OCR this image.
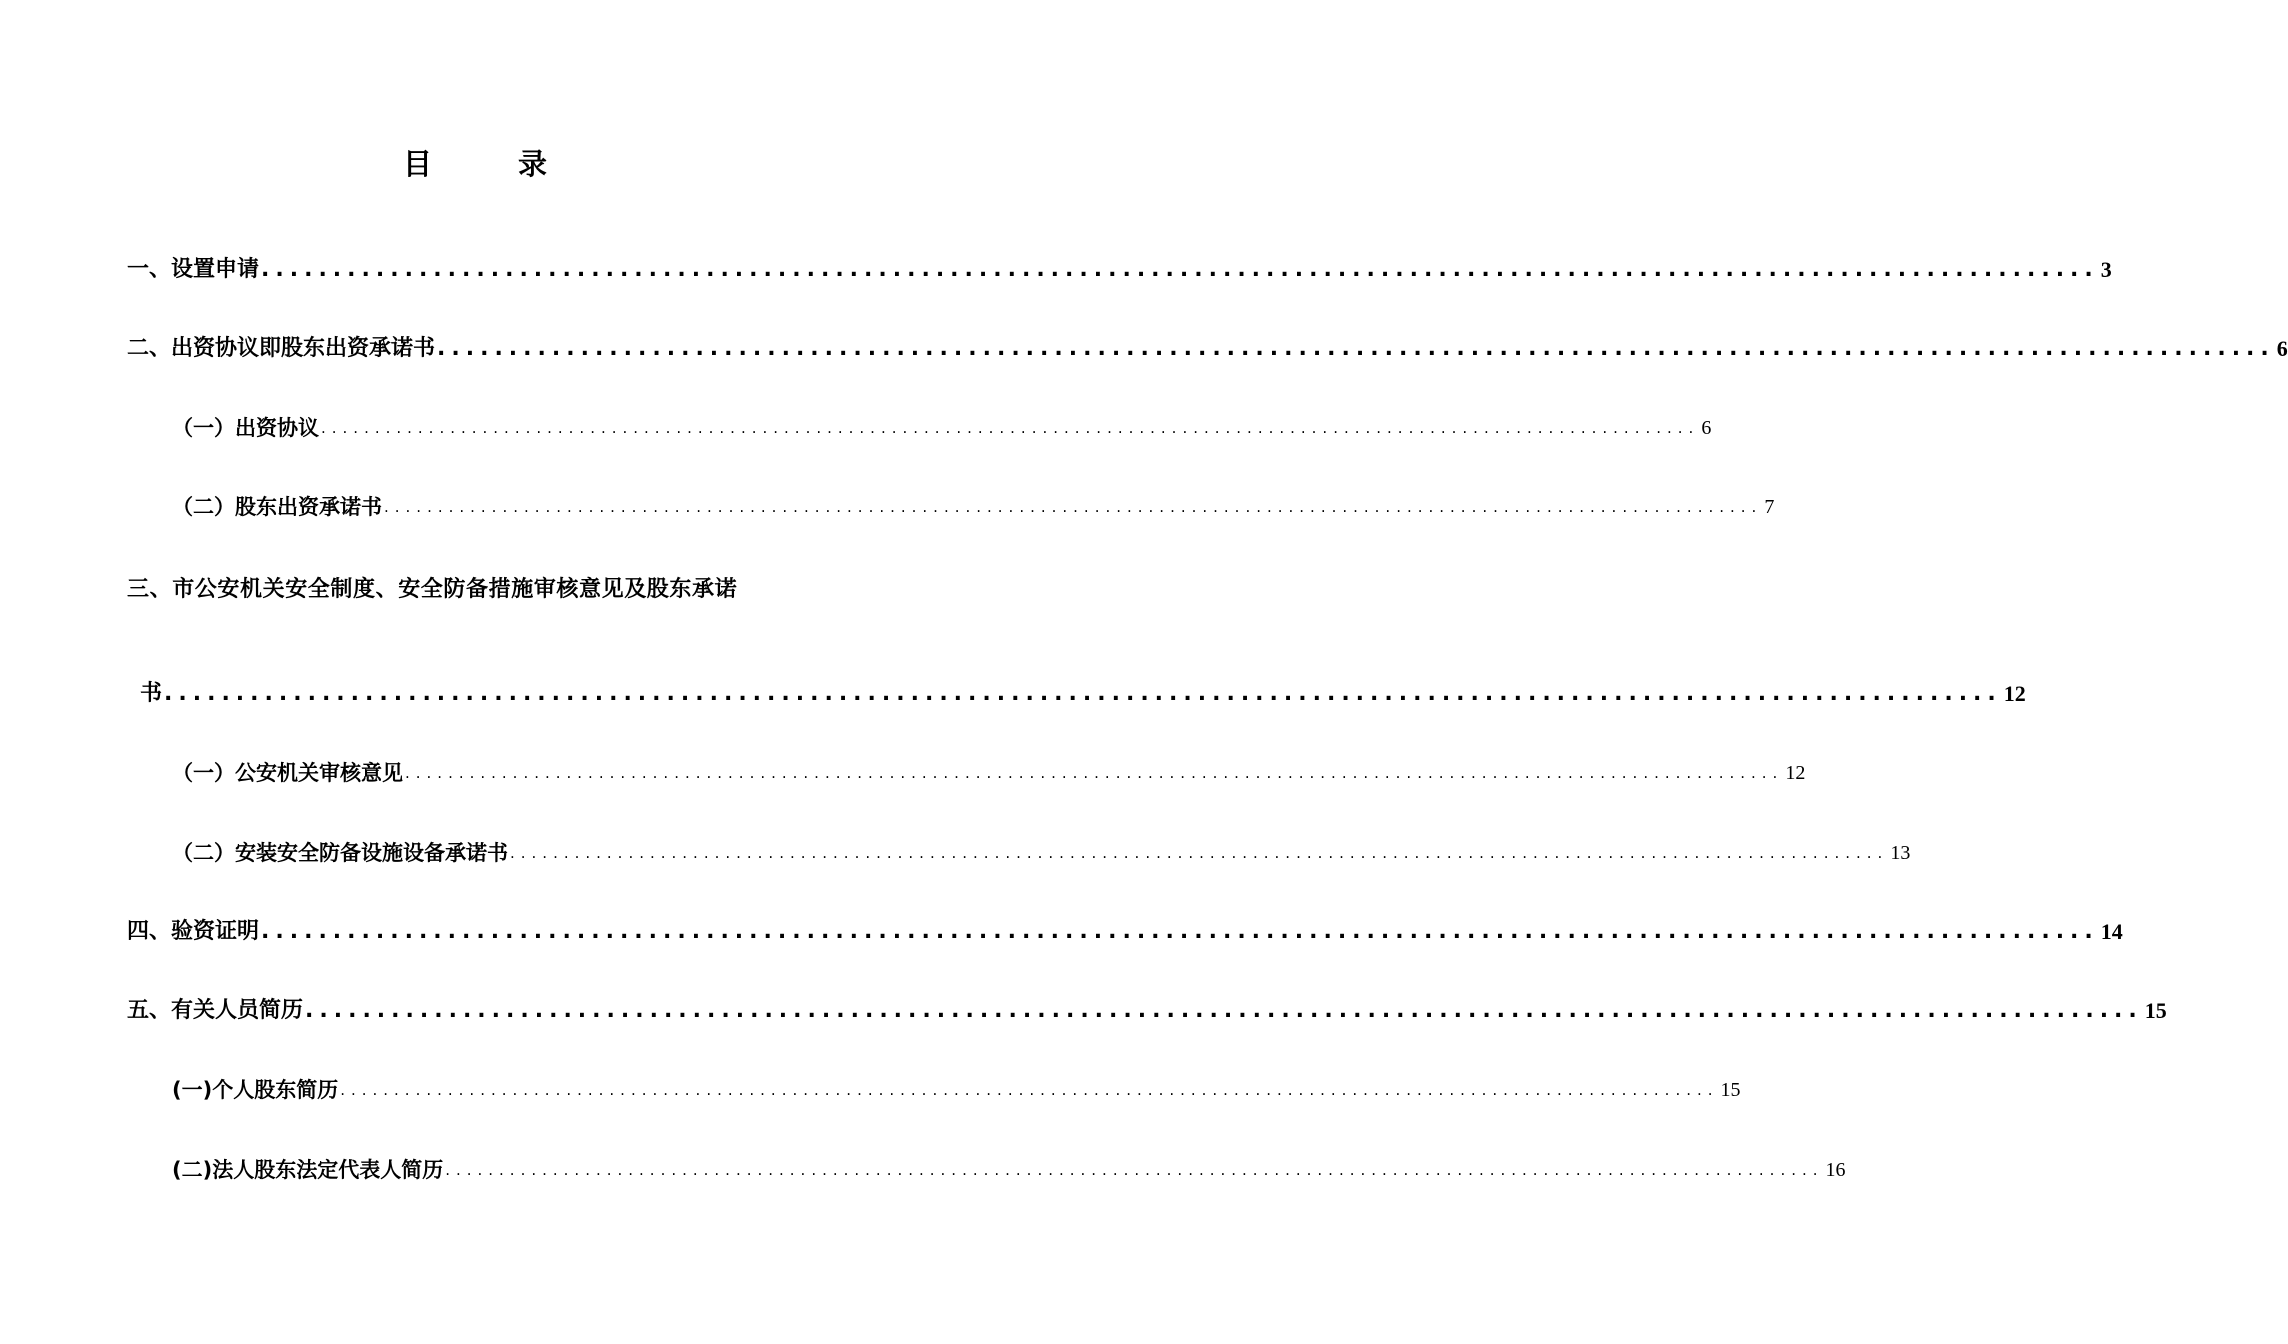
目 录
一、设置申请 ................................................................................................................................ 3
二、出资协议即股东出资承诺书 ................................................................................................................................ 6
（一）出资协议 ................................................................................................................................ 6
（二）股东出资承诺书 ................................................................................................................................ 7
三、市公安机关安全制度、安全防备措施审核意见及股东承诺
书 ................................................................................................................................ 12
（一）公安机关审核意见 ................................................................................................................................ 12
（二）安装安全防备设施设备承诺书 ................................................................................................................................ 13
四、验资证明 ................................................................................................................................ 14
五、有关人员简历 ................................................................................................................................ 15
(一)个人股东简历 ................................................................................................................................ 15
(二)法人股东法定代表人简历 ................................................................................................................................ 16
